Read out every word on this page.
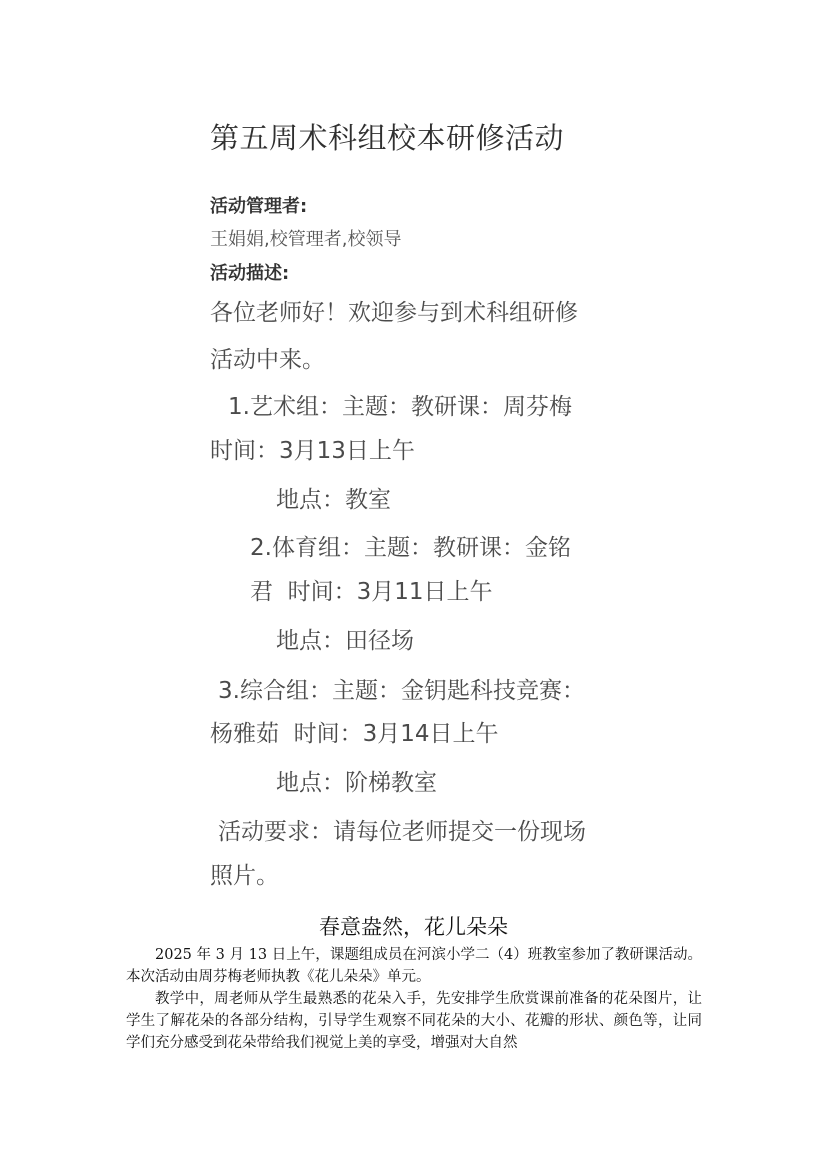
第五周术科组校本研修活动
活动管理者:
王娟娟,校管理者,校领导
活动描述:
各位老师好！欢迎参与到术科组研修
活动中来。
1.艺术组：主题：教研课：周芬梅
时间：3月13日上午
地点：教室
2.体育组：主题：教研课：金铭
君  时间：3月11日上午
地点：田径场
3.综合组：主题：金钥匙科技竞赛：
杨雅茹  时间：3月14日上午
地点：阶梯教室
活动要求：请每位老师提交一份现场
照片。
春意盎然，花儿朵朵

2025 年 3 月 13 日上午，课题组成员在河滨小学二（4）班教室参加了教研课活动。本次活动由周芬梅老师执教《花儿朵朵》单元。

教学中，周老师从学生最熟悉的花朵入手，先安排学生欣赏课前准备的花朵图片，让学生了解花朵的各部分结构，引导学生观察不同花朵的大小、花瓣的形状、颜色等，让同学们充分感受到花朵带给我们视觉上美的享受，增强对大自然
